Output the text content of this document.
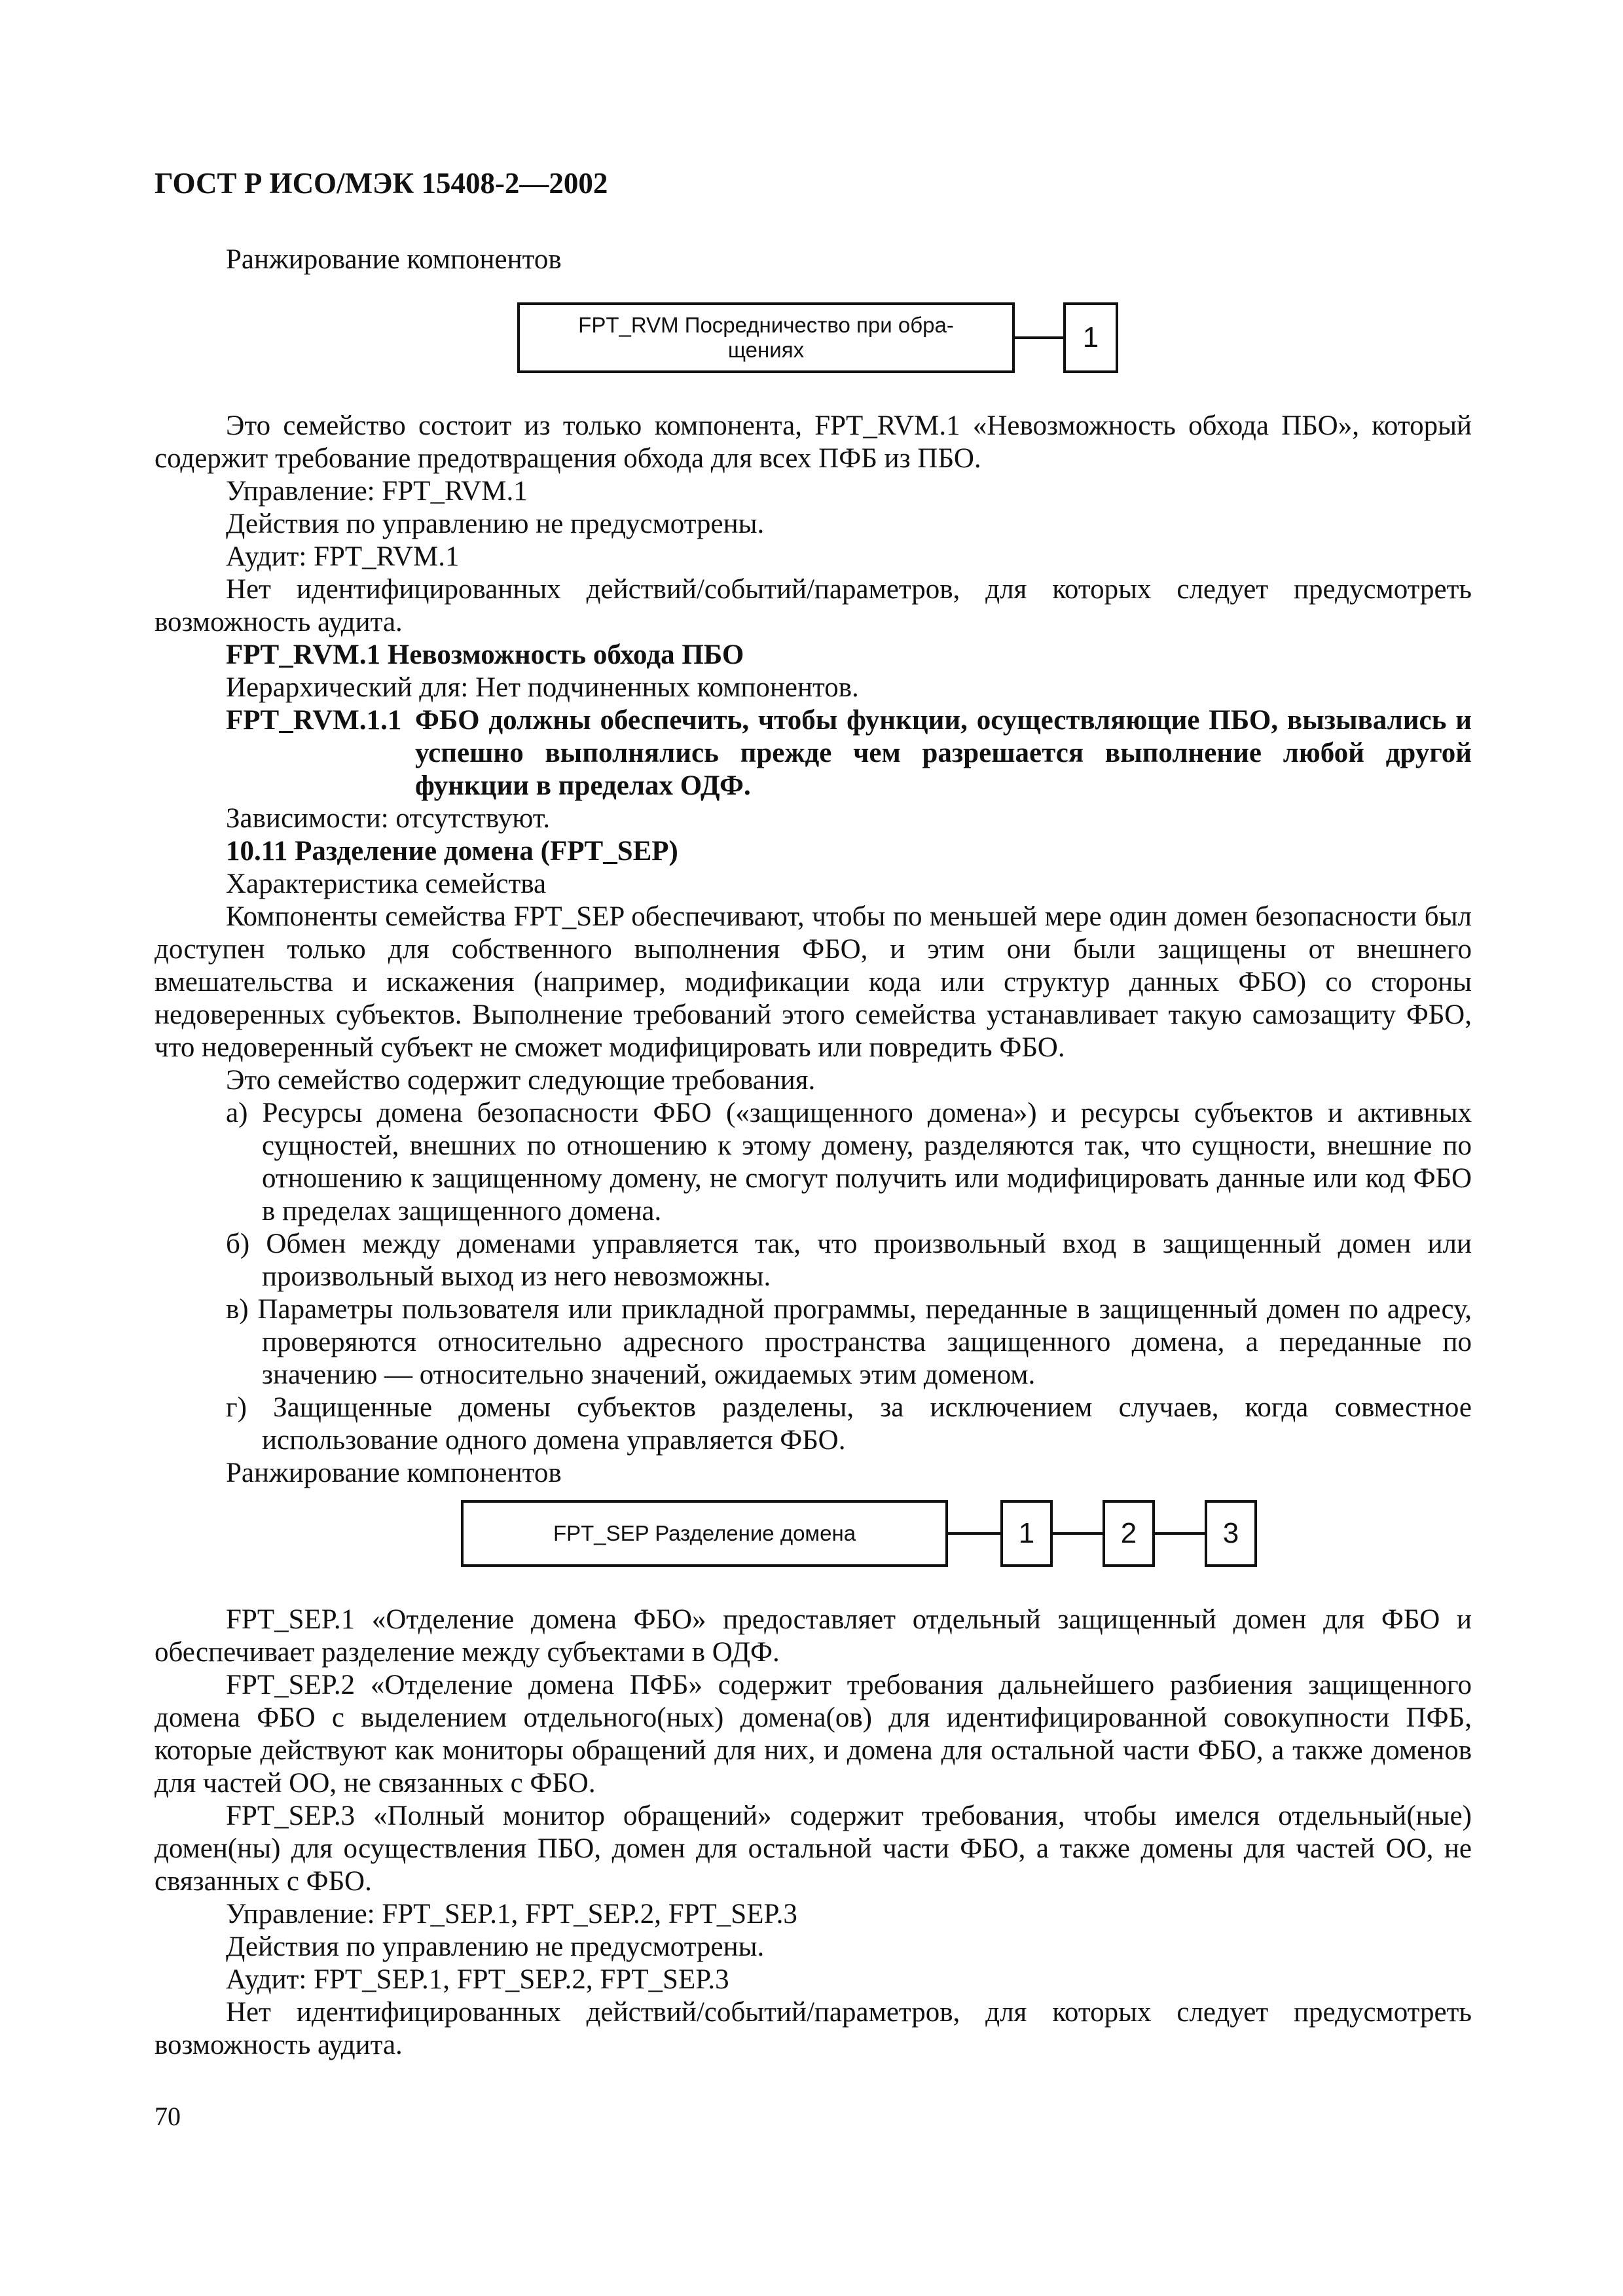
ГОСТ Р ИСО/МЭК 15408-2—2002

Ранжирование компонентов

FPT_RVM Посредничество при обра-
щениях	1

Это семейство состоит из только компонента, FPT_RVM.1 «Невозможность обхода ПБО», который содержит требование предотвращения обхода для всех ПФБ из ПБО.

Управление: FPT_RVM.1

Действия по управлению не предусмотрены.

Аудит: FPT_RVM.1

Нет идентифицированных действий/событий/параметров, для которых следует предусмотреть возможность аудита.

FPT_RVM.1 Невозможность обхода ПБО

Иерархический для: Нет подчиненных компонентов.

FPT_RVM.1.1 ФБО должны обеспечить, чтобы функции, осуществляющие ПБО, вызывались и успешно выполнялись прежде чем разрешается выполнение любой другой функции в пределах ОДФ.

Зависимости: отсутствуют.

10.11 Разделение домена (FPT_SEP)

Характеристика семейства

Компоненты семейства FPT_SEP обеспечивают, чтобы по меньшей мере один домен безопасности был доступен только для собственного выполнения ФБО, и этим они были защищены от внешнего вмешательства и искажения (например, модификации кода или структур данных ФБО) со стороны недоверенных субъектов. Выполнение требований этого семейства устанавливает такую самозащиту ФБО, что недоверенный субъект не сможет модифицировать или повредить ФБО.

Это семейство содержит следующие требования.

а) Ресурсы домена безопасности ФБО («защищенного домена») и ресурсы субъектов и активных сущностей, внешних по отношению к этому домену, разделяются так, что сущности, внешние по отношению к защищенному домену, не смогут получить или модифицировать данные или код ФБО в пределах защищенного домена.

б) Обмен между доменами управляется так, что произвольный вход в защищенный домен или произвольный выход из него невозможны.

в) Параметры пользователя или прикладной программы, переданные в защищенный домен по адресу, проверяются относительно адресного пространства защищенного домена, а переданные по значению — относительно значений, ожидаемых этим доменом.

г) Защищенные домены субъектов разделены, за исключением случаев, когда совместное использование одного домена управляется ФБО.

Ранжирование компонентов

FPT_SEP Разделение домена	1	2	3

FPT_SEP.1 «Отделение домена ФБО» предоставляет отдельный защищенный домен для ФБО и обеспечивает разделение между субъектами в ОДФ.

FPT_SEP.2 «Отделение домена ПФБ» содержит требования дальнейшего разбиения защищенного домена ФБО с выделением отдельного(ных) домена(ов) для идентифицированной совокупности ПФБ, которые действуют как мониторы обращений для них, и домена для остальной части ФБО, а также доменов для частей ОО, не связанных с ФБО.

FPT_SEP.3 «Полный монитор обращений» содержит требования, чтобы имелся отдельный(ные) домен(ны) для осуществления ПБО, домен для остальной части ФБО, а также домены для частей ОО, не связанных с ФБО.

Управление: FPT_SEP.1, FPT_SEP.2, FPT_SEP.3

Действия по управлению не предусмотрены.

Аудит: FPT_SEP.1, FPT_SEP.2, FPT_SEP.3

Нет идентифицированных действий/событий/параметров, для которых следует предусмотреть возможность аудита.

70
